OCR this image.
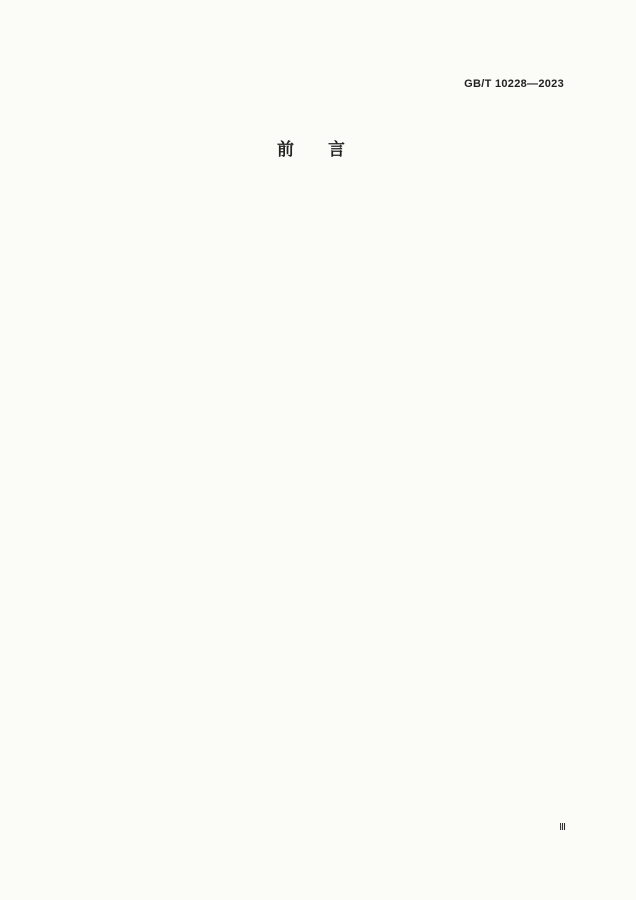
GB/T 10228—2023
前 言

Ⅲ
